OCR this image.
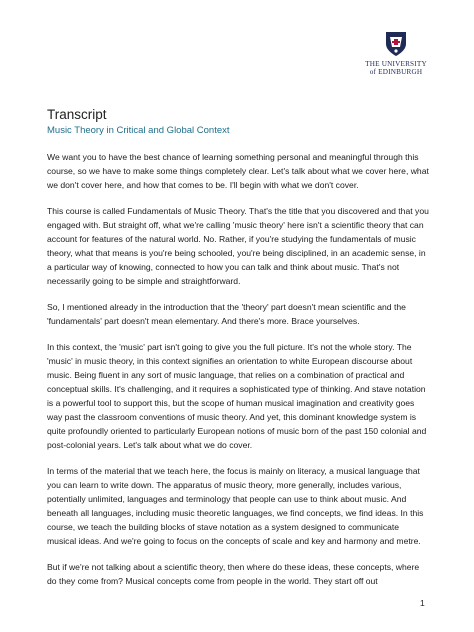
THE UNIVERSITY
of EDINBURGH
Transcript
Music Theory in Critical and Global Context

We want you to have the best chance of learning something personal and meaningful through this course, so we have to make some things completely clear. Let's talk about what we cover here, what we don't cover here, and how that comes to be. I'll begin with what we don't cover.

This course is called Fundamentals of Music Theory. That's the title that you discovered and that you engaged with. But straight off, what we're calling 'music theory' here isn't a scientific theory that can account for features of the natural world. No. Rather, if you're studying the fundamentals of music theory, what that means is you're being schooled, you're being disciplined, in an academic sense, in a particular way of knowing, connected to how you can talk and think about music. That's not necessarily going to be simple and straightforward.

So, I mentioned already in the introduction that the 'theory' part doesn't mean scientific and the 'fundamentals' part doesn't mean elementary. And there's more. Brace yourselves.

In this context, the 'music' part isn't going to give you the full picture. It's not the whole story. The 'music' in music theory, in this context signifies an orientation to white European discourse about music. Being fluent in any sort of music language, that relies on a combination of practical and conceptual skills. It's challenging, and it requires a sophisticated type of thinking. And stave notation is a powerful tool to support this, but the scope of human musical imagination and creativity goes way past the classroom conventions of music theory. And yet, this dominant knowledge system is quite profoundly oriented to particularly European notions of music born of the past 150 colonial and post-colonial years. Let's talk about what we do cover.

In terms of the material that we teach here, the focus is mainly on literacy, a musical language that you can learn to write down. The apparatus of music theory, more generally, includes various, potentially unlimited, languages and terminology that people can use to think about music. And beneath all languages, including music theoretic languages, we find concepts, we find ideas. In this course, we teach the building blocks of stave notation as a system designed to communicate musical ideas. And we're going to focus on the concepts of scale and key and harmony and metre.

But if we're not talking about a scientific theory, then where do these ideas, these concepts, where do they come from? Musical concepts come from people in the world. They start off out

1
